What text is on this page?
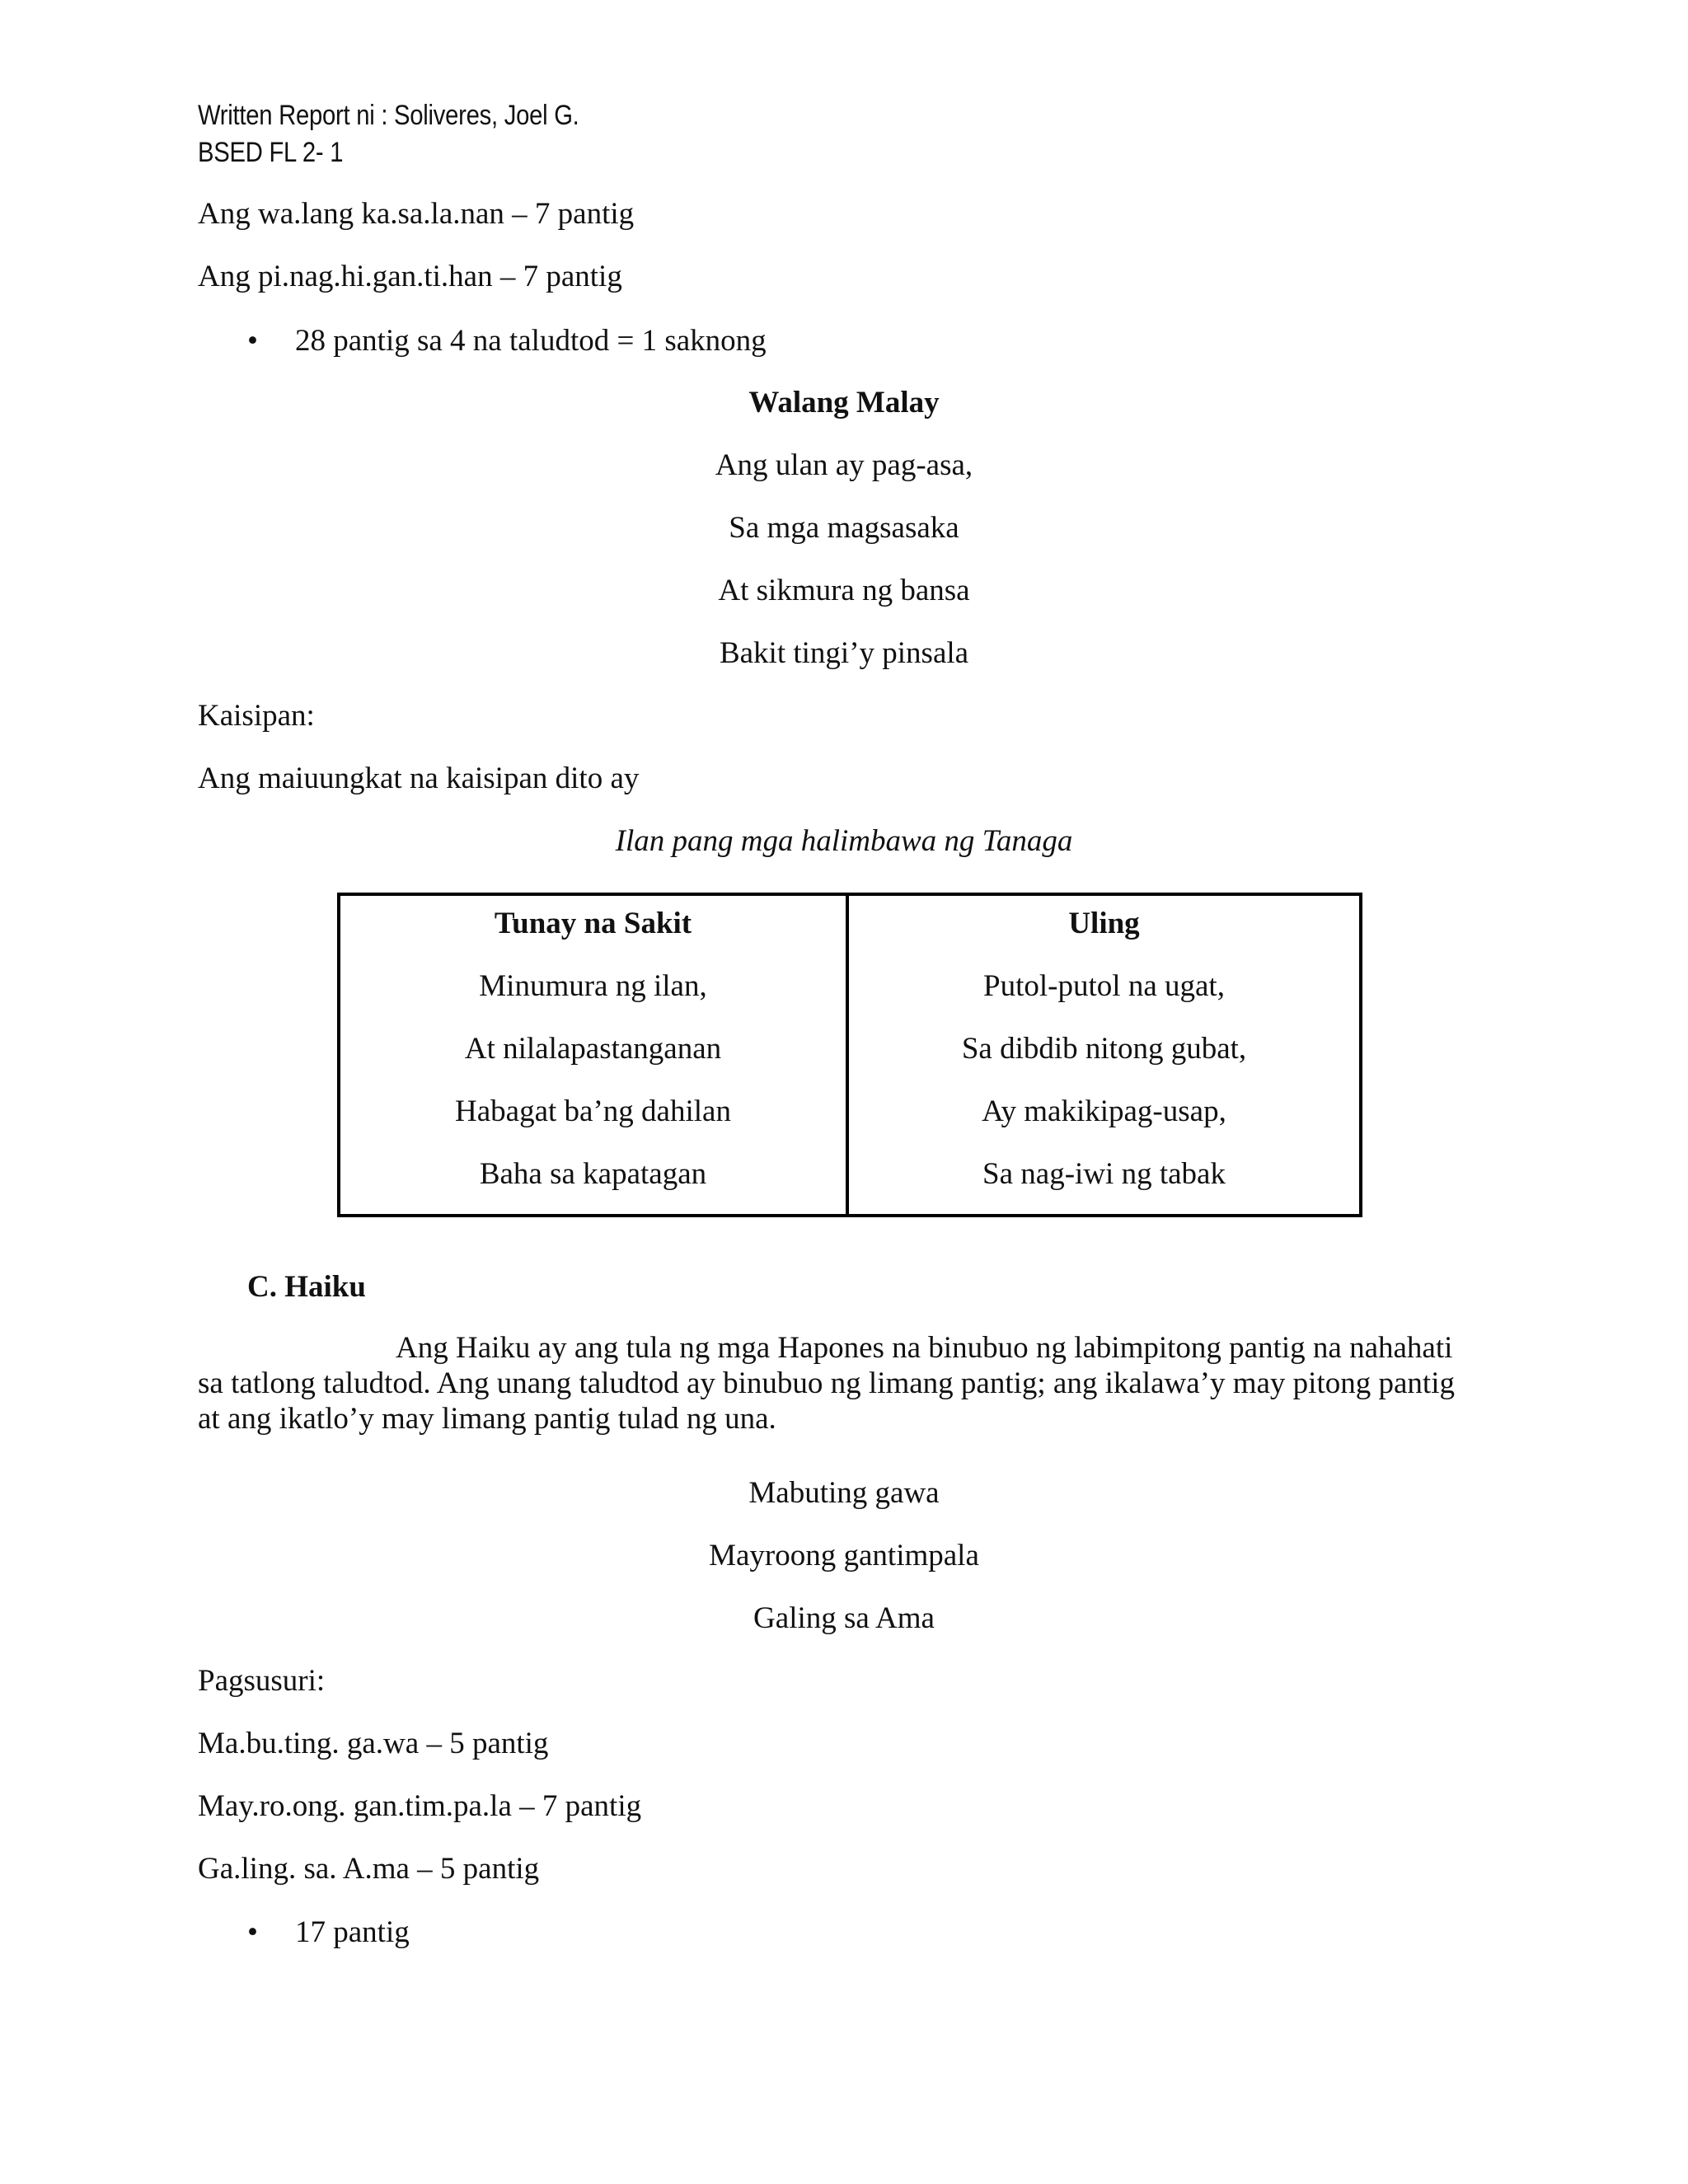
Written Report ni : Soliveres, Joel G.
BSED FL 2- 1
Ang wa.lang ka.sa.la.nan – 7 pantig
Ang pi.nag.hi.gan.ti.han – 7 pantig
• 28 pantig sa 4 na taludtod = 1 saknong
Walang Malay
Ang ulan ay pag-asa,
Sa mga magsasaka
At sikmura ng bansa
Bakit tingi’y pinsala
Kaisipan:
Ang maiuungkat na kaisipan dito ay
Ilan pang mga halimbawa ng Tanaga
Tunay na Sakit
Minumura ng ilan,
At nilalapastanganan
Habagat ba’ng dahilan
Baha sa kapatagan
Uling
Putol-putol na ugat,
Sa dibdib nitong gubat,
Ay makikipag-usap,
Sa nag-iwi ng tabak
C. Haiku
Ang Haiku ay ang tula ng mga Hapones na binubuo ng labimpitong pantig na nahahati sa tatlong taludtod. Ang unang taludtod ay binubuo ng limang pantig; ang ikalawa’y may pitong pantig at ang ikatlo’y may limang pantig tulad ng una.
Mabuting gawa
Mayroong gantimpala
Galing sa Ama
Pagsusuri:
Ma.bu.ting. ga.wa – 5 pantig
May.ro.ong. gan.tim.pa.la – 7 pantig
Ga.ling. sa. A.ma – 5 pantig
• 17 pantig
